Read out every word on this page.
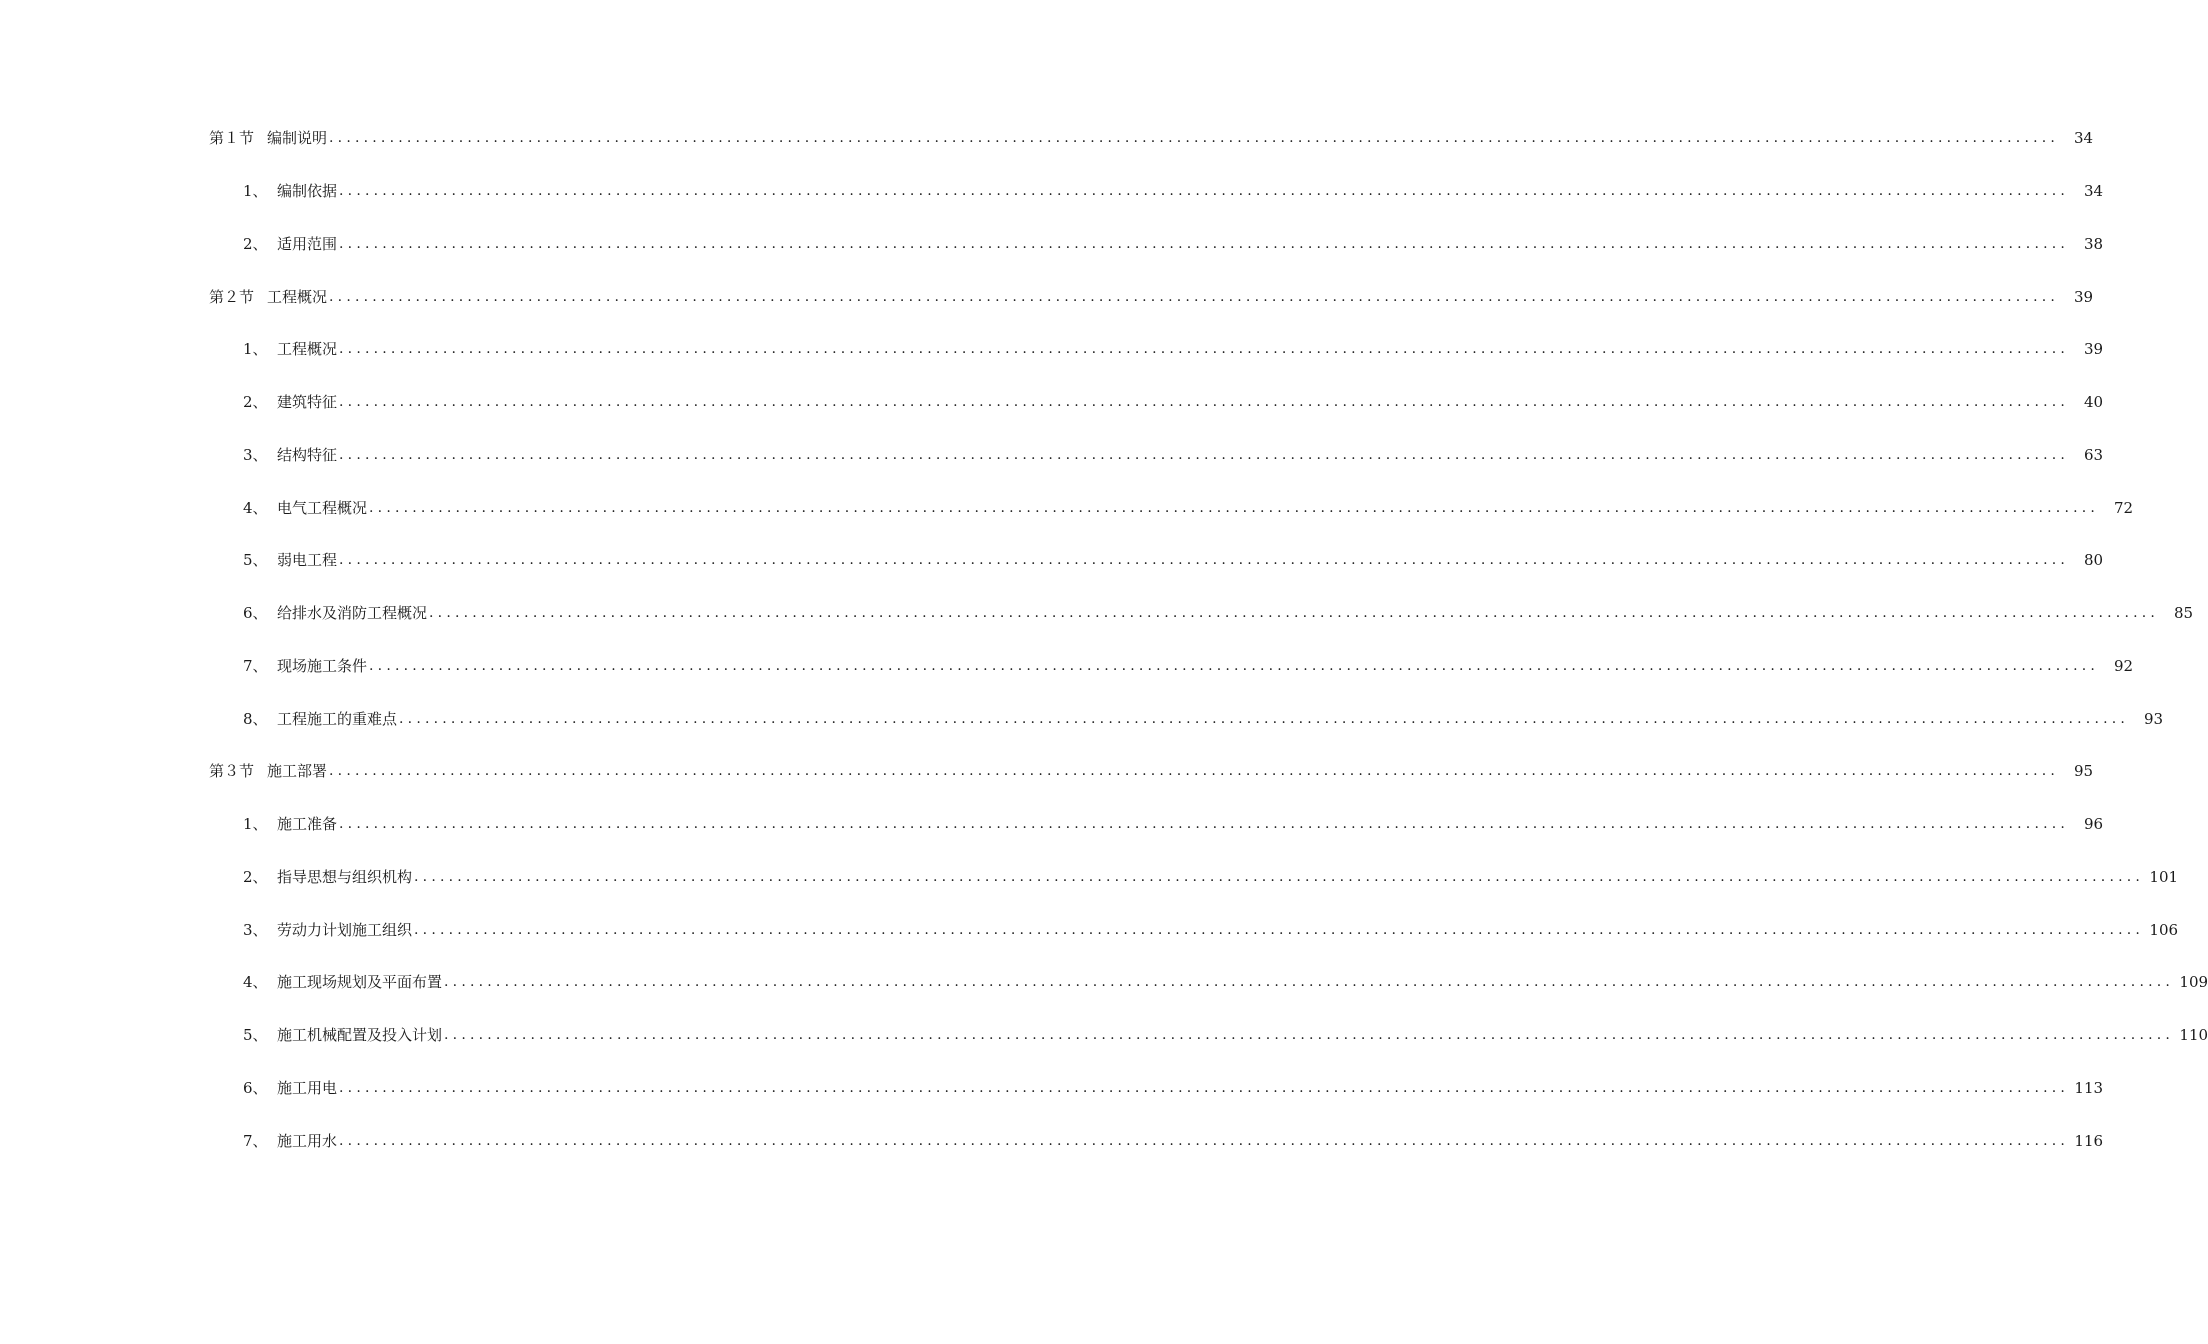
第１节 编制说明 ........................................................................................................................................................................................................ 34
1、 编制依据 ........................................................................................................................................................................................................ 34
2、 适用范围 ........................................................................................................................................................................................................ 38
第２节 工程概况 ........................................................................................................................................................................................................ 39
1、 工程概况 ........................................................................................................................................................................................................ 39
2、 建筑特征 ........................................................................................................................................................................................................ 40
3、 结构特征 ........................................................................................................................................................................................................ 63
4、 电气工程概况 ........................................................................................................................................................................................................ 72
5、 弱电工程 ........................................................................................................................................................................................................ 80
6、 给排水及消防工程概况 ........................................................................................................................................................................................................ 85
7、 现场施工条件 ........................................................................................................................................................................................................ 92
8、 工程施工的重难点 ........................................................................................................................................................................................................ 93
第３节 施工部署 ........................................................................................................................................................................................................ 95
1、 施工准备 ........................................................................................................................................................................................................ 96
2、 指导思想与组织机构 ........................................................................................................................................................................................................ 101
3、 劳动力计划施工组织 ........................................................................................................................................................................................................ 106
4、 施工现场规划及平面布置 ........................................................................................................................................................................................................ 109
5、 施工机械配置及投入计划 ........................................................................................................................................................................................................ 110
6、 施工用电 ........................................................................................................................................................................................................ 113
7、 施工用水 ........................................................................................................................................................................................................ 116
